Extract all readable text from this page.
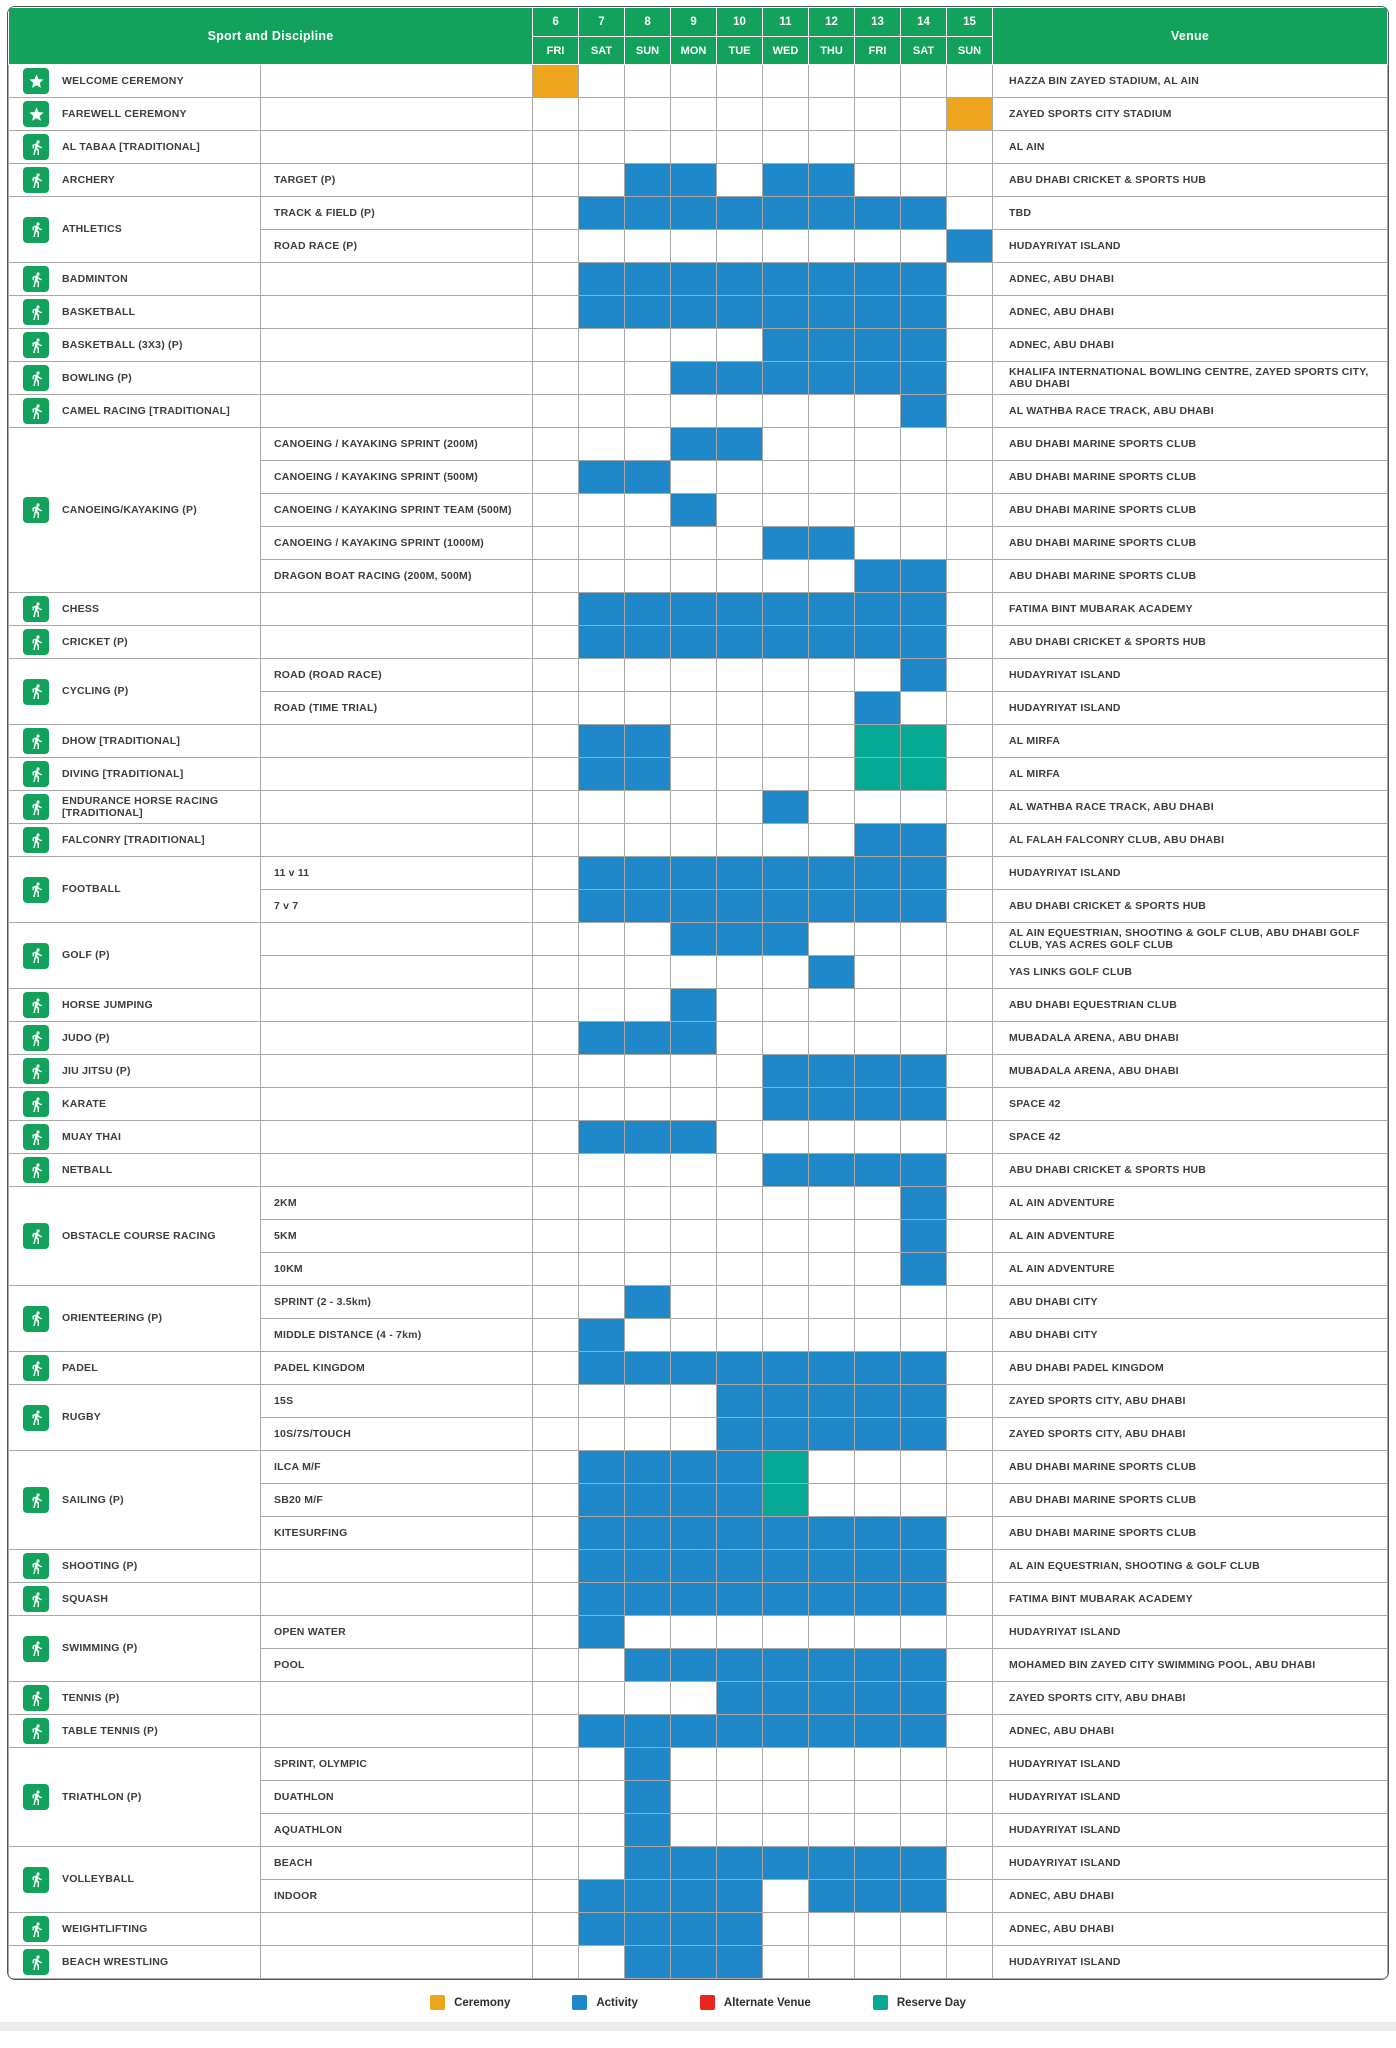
Sport and Discipline		6	7	8	9	10	11	12	13	14	15	Venue
		FRI	SAT	SUN	MON	TUE	WED	THU	FRI	SAT	SUN	

WELCOME CEREMONY												HAZZA BIN ZAYED STADIUM, AL AIN

FAREWELL CEREMONY												ZAYED SPORTS CITY STADIUM

AL TABAA [TRADITIONAL]												AL AIN

ARCHERY	TARGET (P)											ABU DHABI CRICKET & SPORTS HUB

ATHLETICS	TRACK & FIELD (P)											TBD
	ROAD RACE (P)											HUDAYRIYAT ISLAND

BADMINTON												ADNEC, ABU DHABI

BASKETBALL												ADNEC, ABU DHABI

BASKETBALL (3X3) (P)												ADNEC, ABU DHABI

BOWLING (P)												KHALIFA INTERNATIONAL BOWLING CENTRE, ZAYED SPORTS CITY, ABU DHABI

CAMEL RACING [TRADITIONAL]												AL WATHBA RACE TRACK, ABU DHABI

CANOEING/KAYAKING (P)	CANOEING / KAYAKING SPRINT (200M)											ABU DHABI MARINE SPORTS CLUB
	CANOEING / KAYAKING SPRINT (500M)											ABU DHABI MARINE SPORTS CLUB
	CANOEING / KAYAKING SPRINT TEAM (500M)											ABU DHABI MARINE SPORTS CLUB
	CANOEING / KAYAKING SPRINT (1000M)											ABU DHABI MARINE SPORTS CLUB
	DRAGON BOAT RACING (200M, 500M)											ABU DHABI MARINE SPORTS CLUB

CHESS												FATIMA BINT MUBARAK ACADEMY

CRICKET (P)												ABU DHABI CRICKET & SPORTS HUB

CYCLING (P)	ROAD (ROAD RACE)											HUDAYRIYAT ISLAND
	ROAD (TIME TRIAL)											HUDAYRIYAT ISLAND

DHOW [TRADITIONAL]												AL MIRFA

DIVING [TRADITIONAL]												AL MIRFA

ENDURANCE HORSE RACING [TRADITIONAL]												AL WATHBA RACE TRACK, ABU DHABI

FALCONRY [TRADITIONAL]												AL FALAH FALCONRY CLUB, ABU DHABI

FOOTBALL	11 v 11											HUDAYRIYAT ISLAND
	7 v 7											ABU DHABI CRICKET & SPORTS HUB

GOLF (P)												AL AIN EQUESTRIAN, SHOOTING & GOLF CLUB, ABU DHABI GOLF CLUB, YAS ACRES GOLF CLUB
												YAS LINKS GOLF CLUB

HORSE JUMPING												ABU DHABI EQUESTRIAN CLUB

JUDO (P)												MUBADALA ARENA, ABU DHABI

JIU JITSU (P)												MUBADALA ARENA, ABU DHABI

KARATE												SPACE 42

MUAY THAI												SPACE 42

NETBALL												ABU DHABI CRICKET & SPORTS HUB

OBSTACLE COURSE RACING	2KM											AL AIN ADVENTURE
	5KM											AL AIN ADVENTURE
	10KM											AL AIN ADVENTURE

ORIENTEERING (P)	SPRINT (2 - 3.5km)											ABU DHABI CITY
	MIDDLE DISTANCE (4 - 7km)											ABU DHABI CITY

PADEL	PADEL KINGDOM											ABU DHABI PADEL KINGDOM

RUGBY	15S											ZAYED SPORTS CITY, ABU DHABI
	10S/7S/TOUCH											ZAYED SPORTS CITY, ABU DHABI

SAILING (P)	ILCA M/F											ABU DHABI MARINE SPORTS CLUB
	SB20 M/F											ABU DHABI MARINE SPORTS CLUB
	KITESURFING											ABU DHABI MARINE SPORTS CLUB

SHOOTING (P)												AL AIN EQUESTRIAN, SHOOTING & GOLF CLUB

SQUASH												FATIMA BINT MUBARAK ACADEMY

SWIMMING (P)	OPEN WATER											HUDAYRIYAT ISLAND
	POOL											MOHAMED BIN ZAYED CITY SWIMMING POOL, ABU DHABI

TENNIS (P)												ZAYED SPORTS CITY, ABU DHABI

TABLE TENNIS (P)												ADNEC, ABU DHABI

TRIATHLON (P)	SPRINT, OLYMPIC											HUDAYRIYAT ISLAND
	DUATHLON											HUDAYRIYAT ISLAND
	AQUATHLON											HUDAYRIYAT ISLAND

VOLLEYBALL	BEACH											HUDAYRIYAT ISLAND
	INDOOR											ADNEC, ABU DHABI

WEIGHTLIFTING												ADNEC, ABU DHABI

BEACH WRESTLING												HUDAYRIYAT ISLAND
Ceremony	Activity	Alternate Venue	Reserve Day
